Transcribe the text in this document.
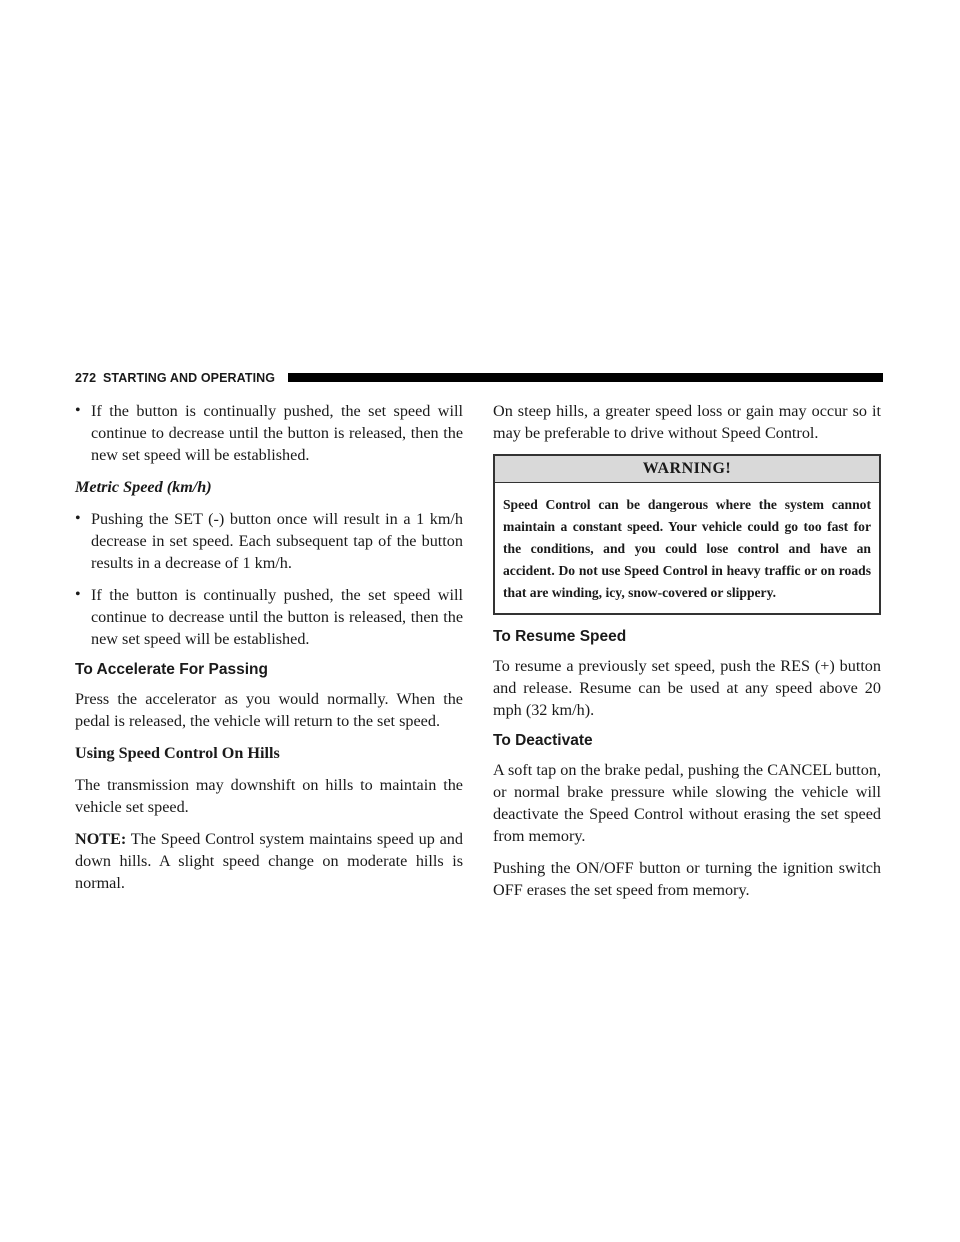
272 STARTING AND OPERATING
• If the button is continually pushed, the set speed will continue to decrease until the button is released, then the new set speed will be established.
Metric Speed (km/h)
• Pushing the SET (-) button once will result in a 1 km/h decrease in set speed. Each subsequent tap of the button results in a decrease of 1 km/h.
• If the button is continually pushed, the set speed will continue to decrease until the button is released, then the new set speed will be established.
To Accelerate For Passing

Press the accelerator as you would normally. When the pedal is released, the vehicle will return to the set speed.

Using Speed Control On Hills

The transmission may downshift on hills to maintain the vehicle set speed.

NOTE: The Speed Control system maintains speed up and down hills. A slight speed change on moderate hills is normal.

On steep hills, a greater speed loss or gain may occur so it may be preferable to drive without Speed Control.

WARNING!
Speed Control can be dangerous where the system cannot maintain a constant speed. Your vehicle could go too fast for the conditions, and you could lose control and have an accident. Do not use Speed Control in heavy traffic or on roads that are winding, icy, snow-covered or slippery.
To Resume Speed

To resume a previously set speed, push the RES (+) button and release. Resume can be used at any speed above 20 mph (32 km/h).

To Deactivate

A soft tap on the brake pedal, pushing the CANCEL button, or normal brake pressure while slowing the vehicle will deactivate the Speed Control without erasing the set speed from memory.

Pushing the ON/OFF button or turning the ignition switch OFF erases the set speed from memory.
